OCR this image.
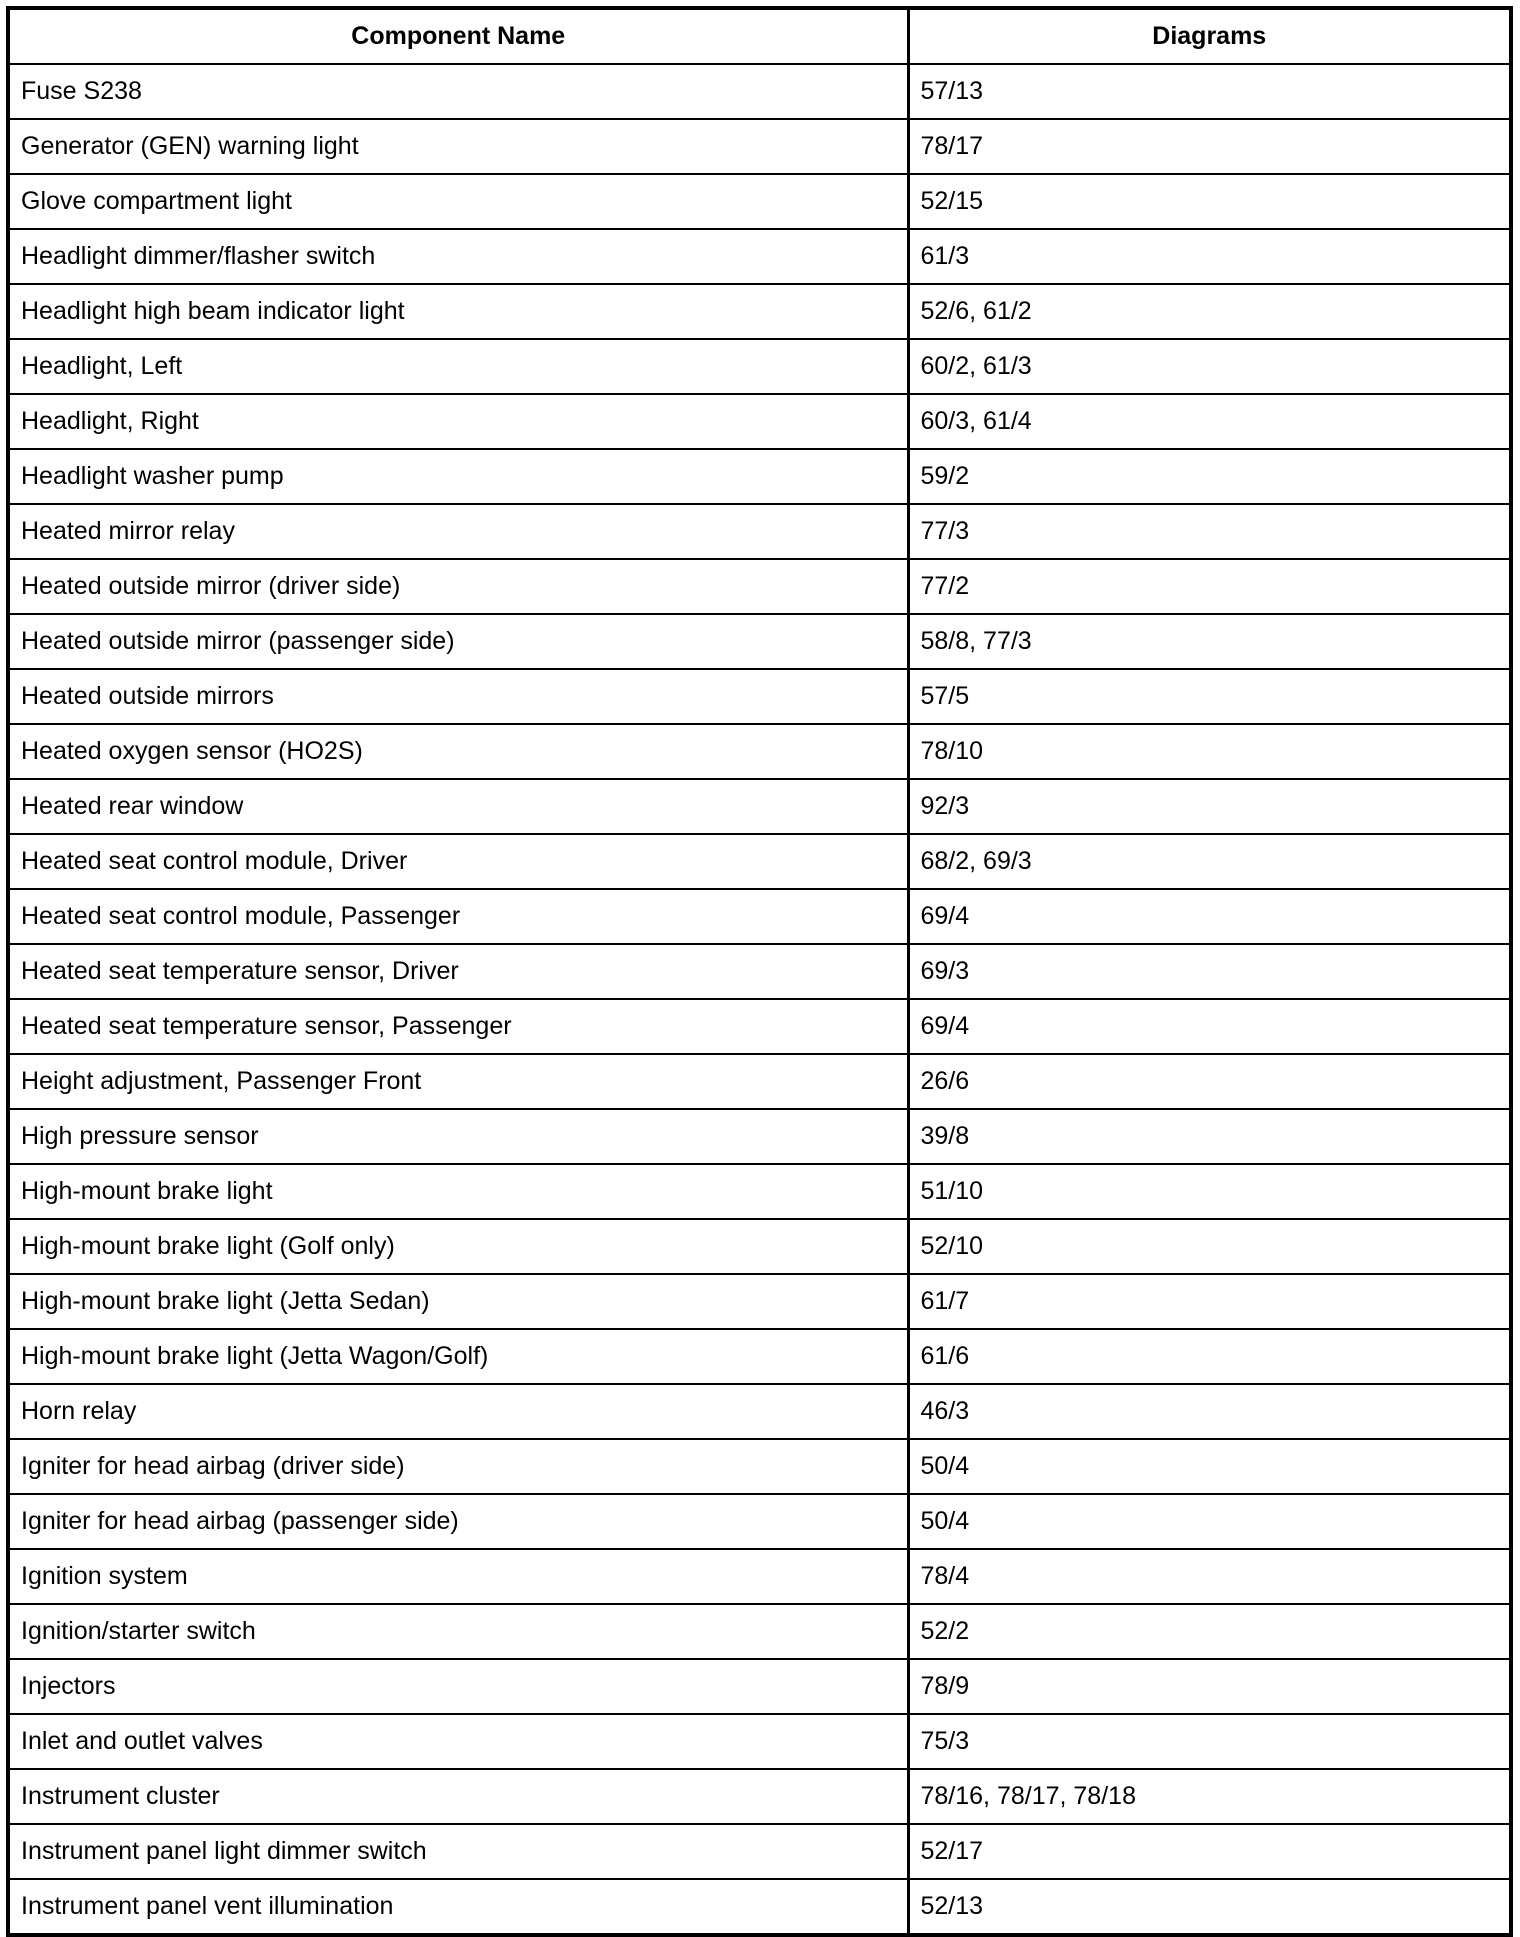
Component Name	Diagrams
Fuse S238	57/13
Generator (GEN) warning light	78/17
Glove compartment light	52/15
Headlight dimmer/flasher switch	61/3
Headlight high beam indicator light	52/6, 61/2
Headlight, Left	60/2, 61/3
Headlight, Right	60/3, 61/4
Headlight washer pump	59/2
Heated mirror relay	77/3
Heated outside mirror (driver side)	77/2
Heated outside mirror (passenger side)	58/8, 77/3
Heated outside mirrors	57/5
Heated oxygen sensor (HO2S)	78/10
Heated rear window	92/3
Heated seat control module, Driver	68/2, 69/3
Heated seat control module, Passenger	69/4
Heated seat temperature sensor, Driver	69/3
Heated seat temperature sensor, Passenger	69/4
Height adjustment, Passenger Front	26/6
High pressure sensor	39/8
High-mount brake light	51/10
High-mount brake light (Golf only)	52/10
High-mount brake light (Jetta Sedan)	61/7
High-mount brake light (Jetta Wagon/Golf)	61/6
Horn relay	46/3
Igniter for head airbag (driver side)	50/4
Igniter for head airbag (passenger side)	50/4
Ignition system	78/4
Ignition/starter switch	52/2
Injectors	78/9
Inlet and outlet valves	75/3
Instrument cluster	78/16, 78/17, 78/18
Instrument panel light dimmer switch	52/17
Instrument panel vent illumination	52/13
